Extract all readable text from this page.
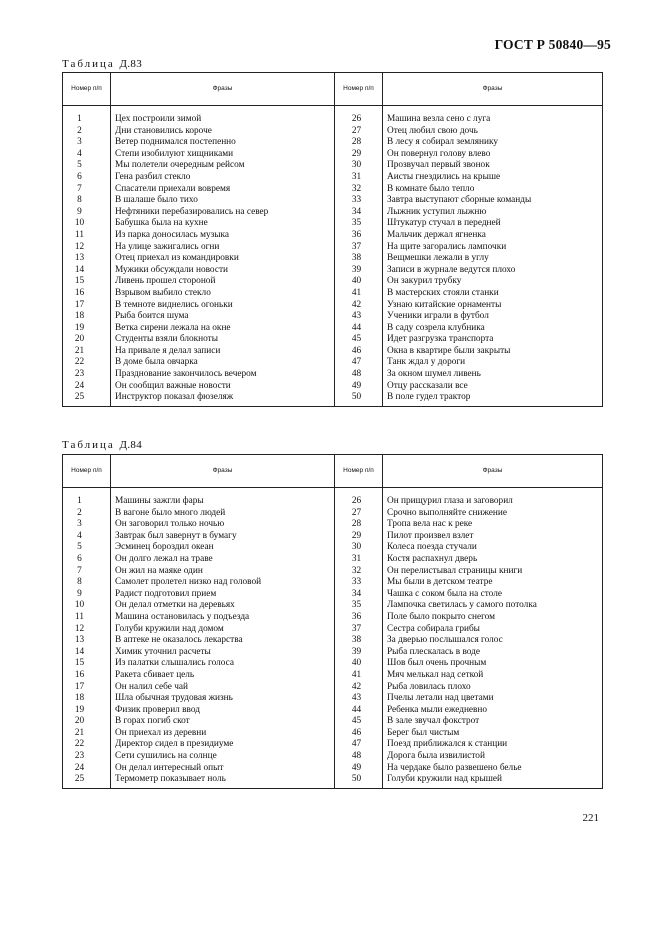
ГОСТ Р 50840—95
Таблица Д.83
Номер п/п	Фразы	Номер п/п	Фразы

1	Цех построили зимой	26	Машина везла сено с луга
2	Дни становились короче	27	Отец любил свою дочь
3	Ветер поднимался постепенно	28	В лесу я собирал землянику
4	Степи изобилуют хищниками	29	Он повернул голову влево
5	Мы полетели очередным рейсом	30	Прозвучал первый звонок
6	Гена разбил стекло	31	Аисты гнездились на крыше
7	Спасатели приехали вовремя	32	В комнате было тепло
8	В шалаше было тихо	33	Завтра выступают сборные команды
9	Нефтяники перебазировались на север	34	Лыжник уступил лыжню
10	Бабушка была на кухне	35	Штукатур стучал в передней
11	Из парка доносилась музыка	36	Мальчик держал ягненка
12	На улице зажигались огни	37	На щите загорались лампочки
13	Отец приехал из командировки	38	Вещмешки лежали в углу
14	Мужики обсуждали новости	39	Записи в журнале ведутся плохо
15	Ливень прошел стороной	40	Он закурил трубку
16	Взрывом выбило стекло	41	В мастерских стояли станки
17	В темноте виднелись огоньки	42	Узнаю китайские орнаменты
18	Рыба боится шума	43	Ученики играли в футбол
19	Ветка сирени лежала на окне	44	В саду созрела клубника
20	Студенты взяли блокноты	45	Идет разгрузка транспорта
21	На привале я делал записи	46	Окна в квартире были закрыты
22	В доме была овчарка	47	Танк ждал у дороги
23	Празднование закончилось вечером	48	За окном шумел ливень
24	Он сообщил важные новости	49	Отцу рассказали все
25	Инструктор показал фюзеляж	50	В поле гудел трактор
Таблица Д.84
Номер п/п	Фразы	Номер п/п	Фразы

1	Машины зажгли фары	26	Он прищурил глаза и заговорил
2	В вагоне было много людей	27	Срочно выполняйте снижение
3	Он заговорил только ночью	28	Тропа вела нас к реке
4	Завтрак был завернут в бумагу	29	Пилот произвел взлет
5	Эсминец бороздил океан	30	Колеса поезда стучали
6	Он долго лежал на траве	31	Костя распахнул дверь
7	Он жил на маяке один	32	Он перелистывал страницы книги
8	Самолет пролетел низко над головой	33	Мы были в детском театре
9	Радист подготовил прием	34	Чашка с соком была на столе
10	Он делал отметки на деревьях	35	Лампочка светилась у самого потолка
11	Машина остановилась у подъезда	36	Поле было покрыто снегом
12	Голуби кружили над домом	37	Сестра собирала грибы
13	В аптеке не оказалось лекарства	38	За дверью послышался голос
14	Химик уточнил расчеты	39	Рыба плескалась в воде
15	Из палатки слышались голоса	40	Шов был очень прочным
16	Ракета сбивает цель	41	Мяч мелькал над сеткой
17	Он налил себе чай	42	Рыба ловилась плохо
18	Шла обычная трудовая жизнь	43	Пчелы летали над цветами
19	Физик проверил ввод	44	Ребенка мыли ежедневно
20	В горах погиб скот	45	В зале звучал фокстрот
21	Он приехал из деревни	46	Берег был чистым
22	Директор сидел в президиуме	47	Поезд приближался к станции
23	Сети сушились на солнце	48	Дорога была извилистой
24	Он делал интересный опыт	49	На чердаке было развешено белье
25	Термометр показывает ноль	50	Голуби кружили над крышей
221
